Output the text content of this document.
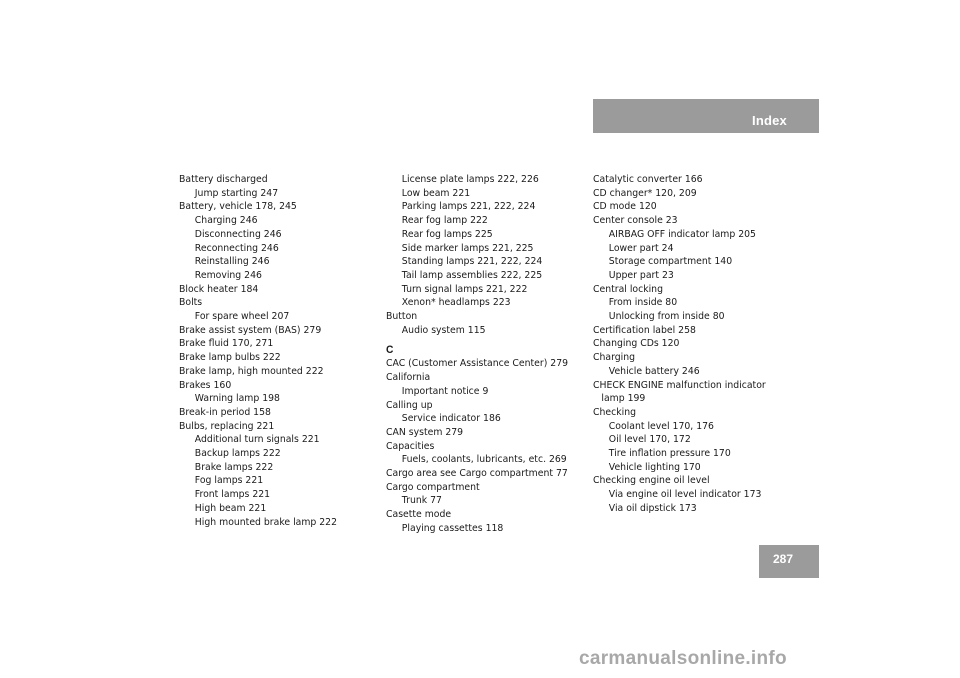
Index
Battery discharged
Jump starting 247
Battery, vehicle 178, 245
Charging 246
Disconnecting 246
Reconnecting 246
Reinstalling 246
Removing 246
Block heater 184
Bolts
For spare wheel 207
Brake assist system (BAS) 279
Brake fluid 170, 271
Brake lamp bulbs 222
Brake lamp, high mounted 222
Brakes 160
Warning lamp 198
Break-in period 158
Bulbs, replacing 221
Additional turn signals 221
Backup lamps 222
Brake lamps 222
Fog lamps 221
Front lamps 221
High beam 221
High mounted brake lamp 222
License plate lamps 222, 226
Low beam 221
Parking lamps 221, 222, 224
Rear fog lamp 222
Rear fog lamps 225
Side marker lamps 221, 225
Standing lamps 221, 222, 224
Tail lamp assemblies 222, 225
Turn signal lamps 221, 222
Xenon* headlamps 223
Button
Audio system 115
C
CAC (Customer Assistance Center) 279
California
Important notice 9
Calling up
Service indicator 186
CAN system 279
Capacities
Fuels, coolants, lubricants, etc. 269
Cargo area see Cargo compartment 77
Cargo compartment
Trunk 77
Casette mode
Playing cassettes 118
Catalytic converter 166
CD changer* 120, 209
CD mode 120
Center console 23
AIRBAG OFF indicator lamp 205
Lower part 24
Storage compartment 140
Upper part 23
Central locking
From inside 80
Unlocking from inside 80
Certification label 258
Changing CDs 120
Charging
Vehicle battery 246
CHECK ENGINE malfunction indicator
lamp 199
Checking
Coolant level 170, 176
Oil level 170, 172
Tire inflation pressure 170
Vehicle lighting 170
Checking engine oil level
Via engine oil level indicator 173
Via oil dipstick 173
287
carmanualsonline.info
